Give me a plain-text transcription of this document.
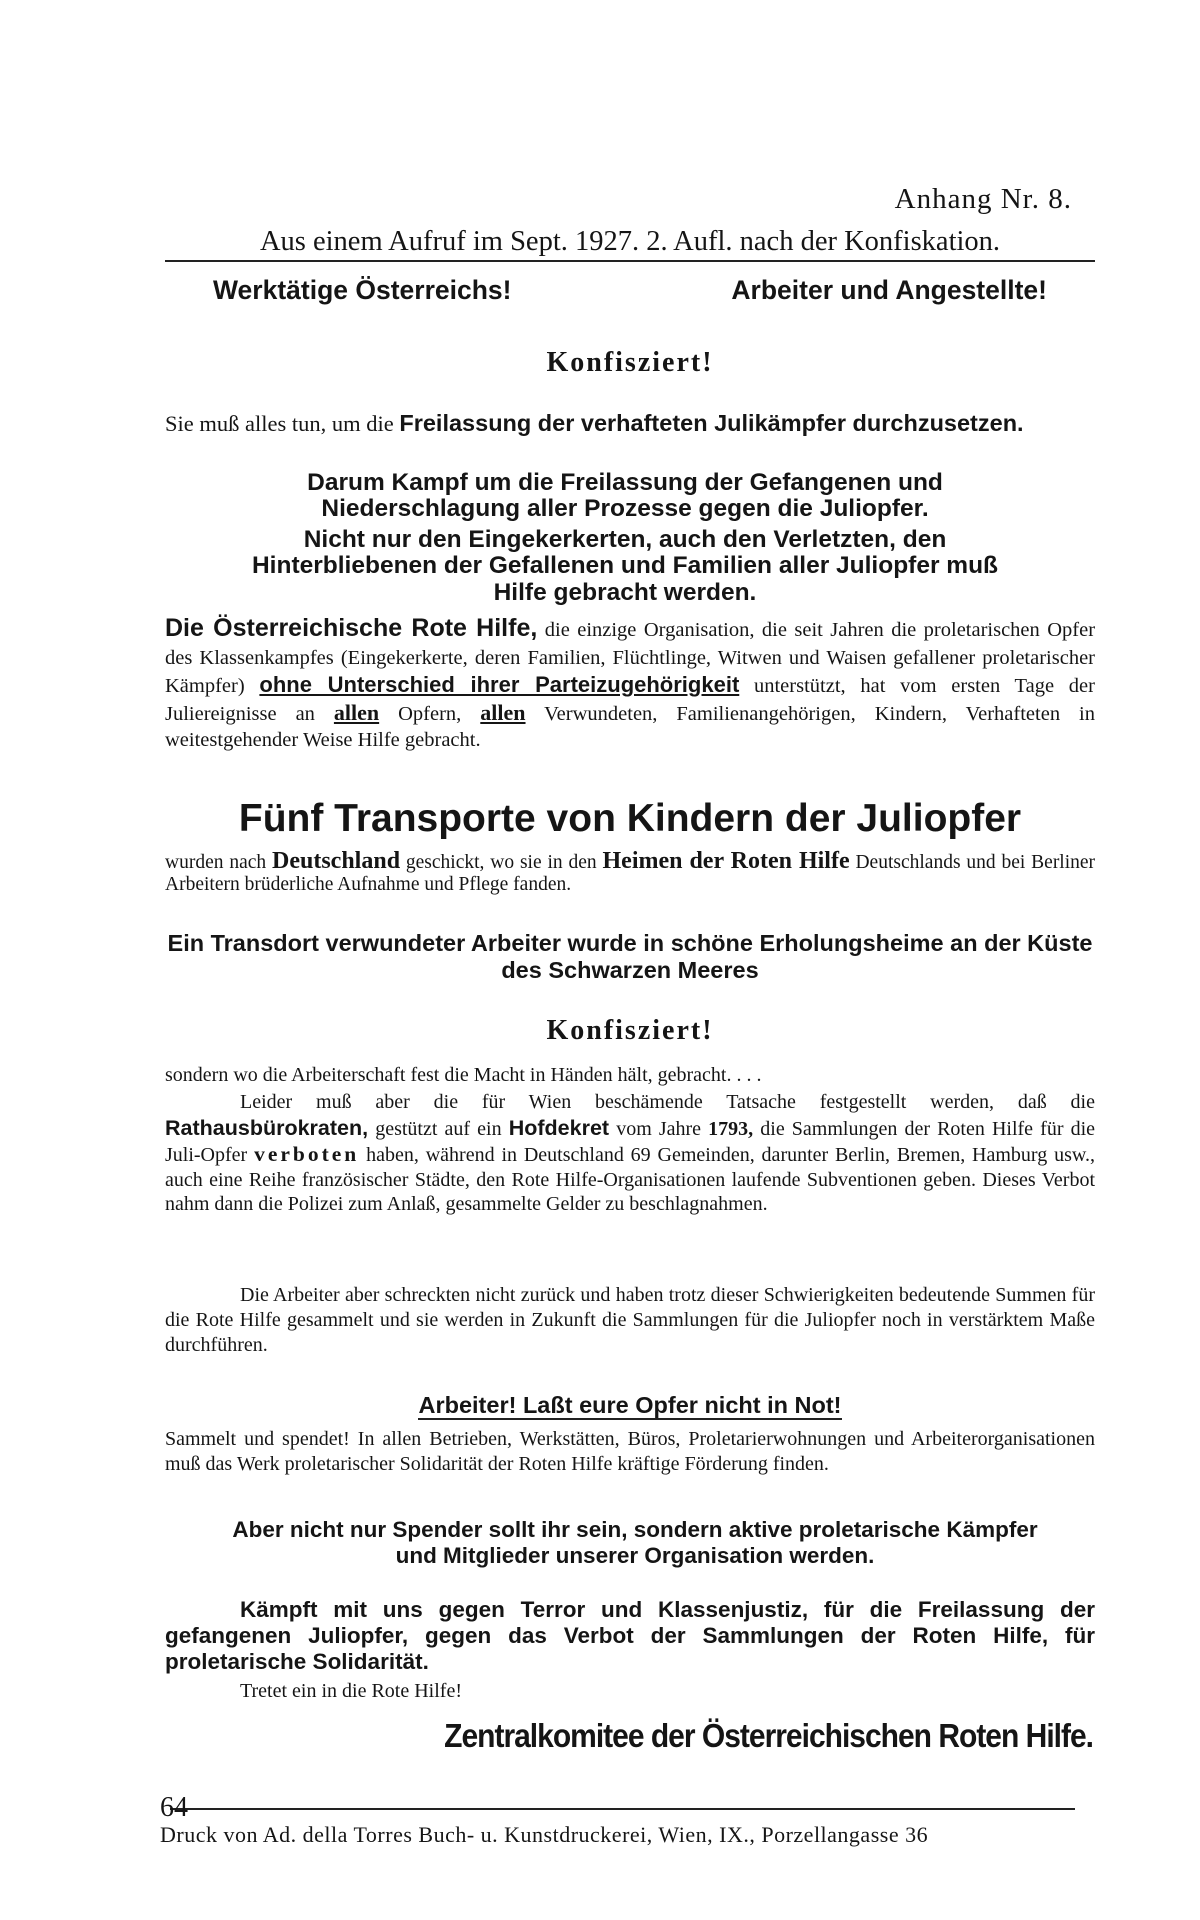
Anhang Nr. 8.
Aus einem Aufruf im Sept. 1927. 2. Aufl. nach der Konfiskation.
Werktätige Österreichs!	Arbeiter und Angestellte!
Konfisziert!

Sie muß alles tun, um die Freilassung der verhafteten Julikämpfer durchzusetzen.

Darum Kampf um die Freilassung der Gefangenen und Niederschlagung aller Prozesse gegen die Juliopfer.

Nicht nur den Eingekerkerten, auch den Verletzten, den Hinterbliebenen der Gefallenen und Familien aller Juliopfer muß Hilfe gebracht werden.

Die Österreichische Rote Hilfe, die einzige Organisation, die seit Jahren die proletarischen Opfer des Klassenkampfes (Eingekerkerte, deren Familien, Flüchtlinge, Witwen und Waisen gefallener proletarischer Kämpfer) ohne Unterschied ihrer Parteizugehörigkeit unterstützt, hat vom ersten Tage der Juliereignisse an allen Opfern, allen Verwundeten, Familienangehörigen, Kindern, Verhafteten in weitestgehender Weise Hilfe gebracht.

Fünf Transporte von Kindern der Juliopfer

wurden nach Deutschland geschickt, wo sie in den Heimen der Roten Hilfe Deutschlands und bei Berliner Arbeitern brüderliche Aufnahme und Pflege fanden.

Ein Transdort verwundeter Arbeiter wurde in schöne Erholungsheime an der Küste des Schwarzen Meeres

Konfisziert!

sondern wo die Arbeiterschaft fest die Macht in Händen hält, gebracht. . . .

Leider muß aber die für Wien beschämende Tatsache festgestellt werden, daß die Rathausbürokraten, gestützt auf ein Hofdekret vom Jahre 1793, die Sammlungen der Roten Hilfe für die Juli-Opfer verboten haben, während in Deutschland 69 Gemeinden, darunter Berlin, Bremen, Hamburg usw., auch eine Reihe französischer Städte, den Rote Hilfe-Organisationen laufende Subventionen geben. Dieses Verbot nahm dann die Polizei zum Anlaß, gesammelte Gelder zu beschlagnahmen.

Die Arbeiter aber schreckten nicht zurück und haben trotz dieser Schwierigkeiten bedeutende Summen für die Rote Hilfe gesammelt und sie werden in Zukunft die Sammlungen für die Juliopfer noch in verstärktem Maße durchführen.

Arbeiter! Laßt eure Opfer nicht in Not!

Sammelt und spendet! In allen Betrieben, Werkstätten, Büros, Proletarierwohnungen und Arbeiterorganisationen muß das Werk proletarischer Solidarität der Roten Hilfe kräftige Förderung finden.

Aber nicht nur Spender sollt ihr sein, sondern aktive proletarische Kämpfer und Mitglieder unserer Organisation werden.

Kämpft mit uns gegen Terror und Klassenjustiz, für die Freilassung der gefangenen Juliopfer, gegen das Verbot der Sammlungen der Roten Hilfe, für proletarische Solidarität.

Tretet ein in die Rote Hilfe!

Zentralkomitee der Österreichischen Roten Hilfe.
64
Druck von Ad. della Torres Buch- u. Kunstdruckerei, Wien, IX., Porzellangasse 36
